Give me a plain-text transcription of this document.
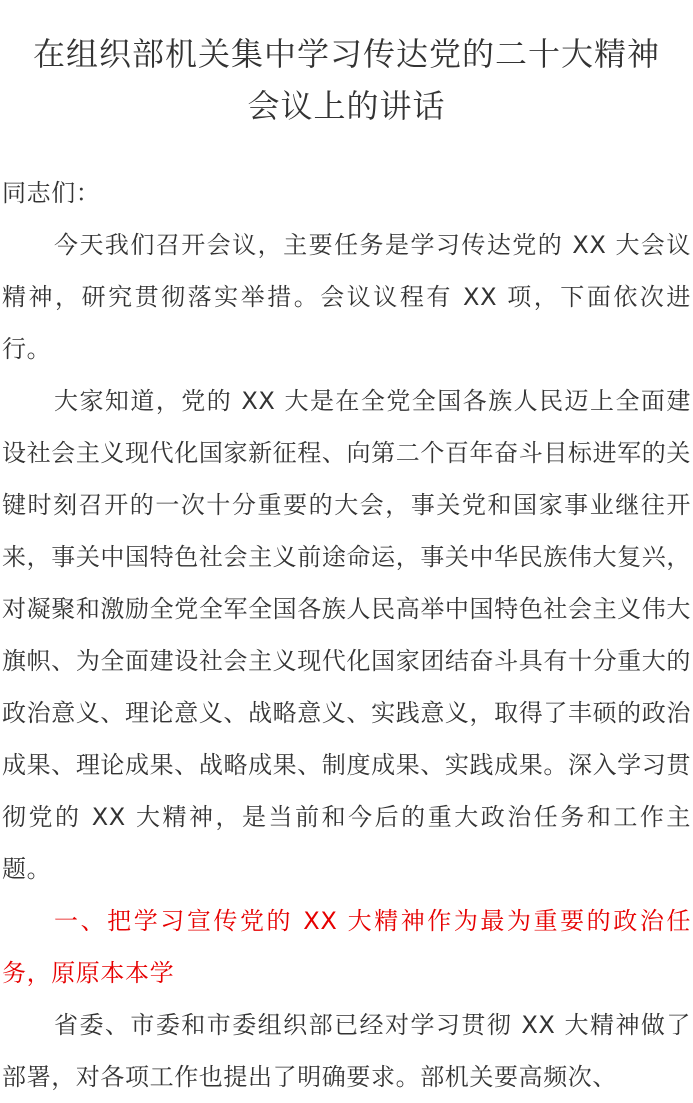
在组织部机关集中学习传达党的二十大精神
会议上的讲话

同志们：

今天我们召开会议，主要任务是学习传达党的 XX 大会议精神，研究贯彻落实举措。会议议程有 XX 项，下面依次进行。

大家知道，党的 XX 大是在全党全国各族人民迈上全面建设社会主义现代化国家新征程、向第二个百年奋斗目标进军的关键时刻召开的一次十分重要的大会，事关党和国家事业继往开来，事关中国特色社会主义前途命运，事关中华民族伟大复兴，对凝聚和激励全党全军全国各族人民高举中国特色社会主义伟大旗帜、为全面建设社会主义现代化国家团结奋斗具有十分重大的政治意义、理论意义、战略意义、实践意义，取得了丰硕的政治成果、理论成果、战略成果、制度成果、实践成果。深入学习贯彻党的 XX 大精神，是当前和今后的重大政治任务和工作主题。

一、把学习宣传党的 XX 大精神作为最为重要的政治任务，原原本本学

省委、市委和市委组织部已经对学习贯彻 XX 大精神做了部署，对各项工作也提出了明确要求。部机关要高频次、
